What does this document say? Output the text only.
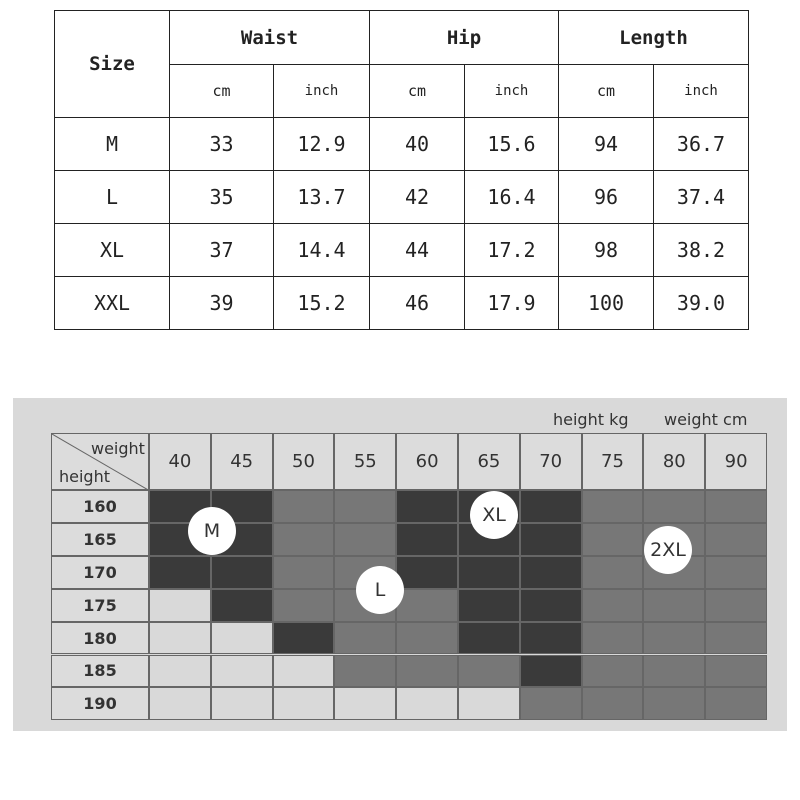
Size	Waist		Hip		Length	
	cm	inch	cm	inch	cm	inch
M	33	12.9	40	15.6	94	36.7
L	35	13.7	42	16.4	96	37.4
XL	37	14.4	44	17.2	98	38.2
XXL	39	15.2	46	17.9	100	39.0
height kg weight cm
weight
height
40	45	50	55	60	65	70	75	80	90
160
165
170
175
180
185
190
M
L
XL
2XL
